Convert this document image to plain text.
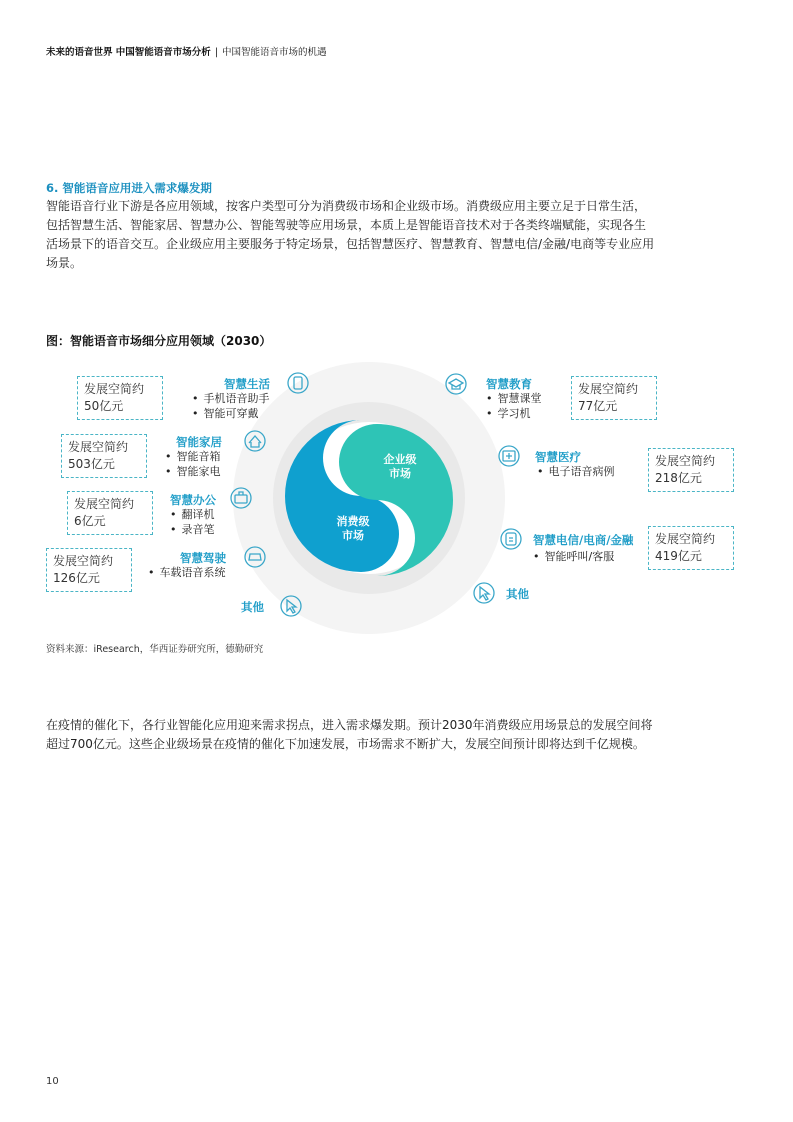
未来的语音世界 中国智能语音市场分析 | 中国智能语音市场的机遇
6. 智能语音应用进入需求爆发期
智能语音行业下游是各应用领域，按客户类型可分为消费级市场和企业级市场。消费级应用主要立足于日常生活，
包括智慧生活、智能家居、智慧办公、智能驾驶等应用场景，本质上是智能语音技术对于各类终端赋能，实现各生
活场景下的语音交互。企业级应用主要服务于特定场景，包括智慧医疗、智慧教育、智慧电信/金融/电商等专业应用
场景。
图：智能语音市场细分应用领域（2030）
企业级
市场
消费级
市场
智慧生活
• 手机语音助手
• 智能可穿戴
发展空简约
50亿元
智能家居
• 智能音箱
• 智能家电
发展空简约
503亿元
智慧办公
• 翻译机
• 录音笔
发展空简约
6亿元
智慧驾驶
• 车载语音系统
发展空简约
126亿元
其他
智慧教育
• 智慧课堂
• 学习机
发展空简约
77亿元
智慧医疗
• 电子语音病例
发展空简约
218亿元
智慧电信/电商/金融
• 智能呼叫/客服
发展空简约
419亿元
其他
资料来源：iResearch，华西证券研究所，德勤研究
在疫情的催化下，各行业智能化应用迎来需求拐点，进入需求爆发期。预计2030年消费级应用场景总的发展空间将
超过700亿元。这些企业级场景在疫情的催化下加速发展，市场需求不断扩大，发展空间预计即将达到千亿规模。
10
